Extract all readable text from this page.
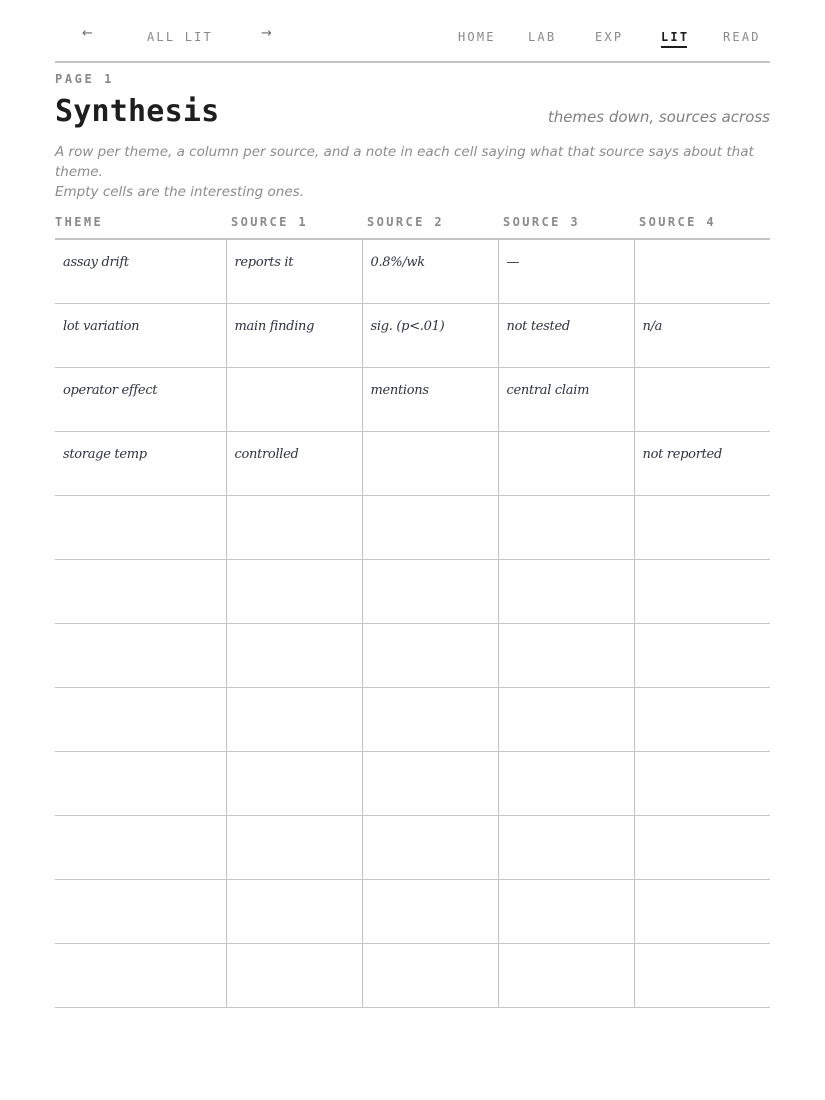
←	ALL LIT	→	HOME	LAB	EXP	LIT	READ
PAGE 1
Synthesis	themes down, sources across

A row per theme, a column per source, and a note in each cell saying what that source says about that theme.

Empty cells are the interesting ones.

THEME	SOURCE 1	SOURCE 2	SOURCE 3	SOURCE 4

assay drift	reports it	0.8%/wk	—	

lot variation	main finding	sig. (p<.01)	not tested	n/a

operator effect		mentions	central claim	

storage temp	controlled			not reported
